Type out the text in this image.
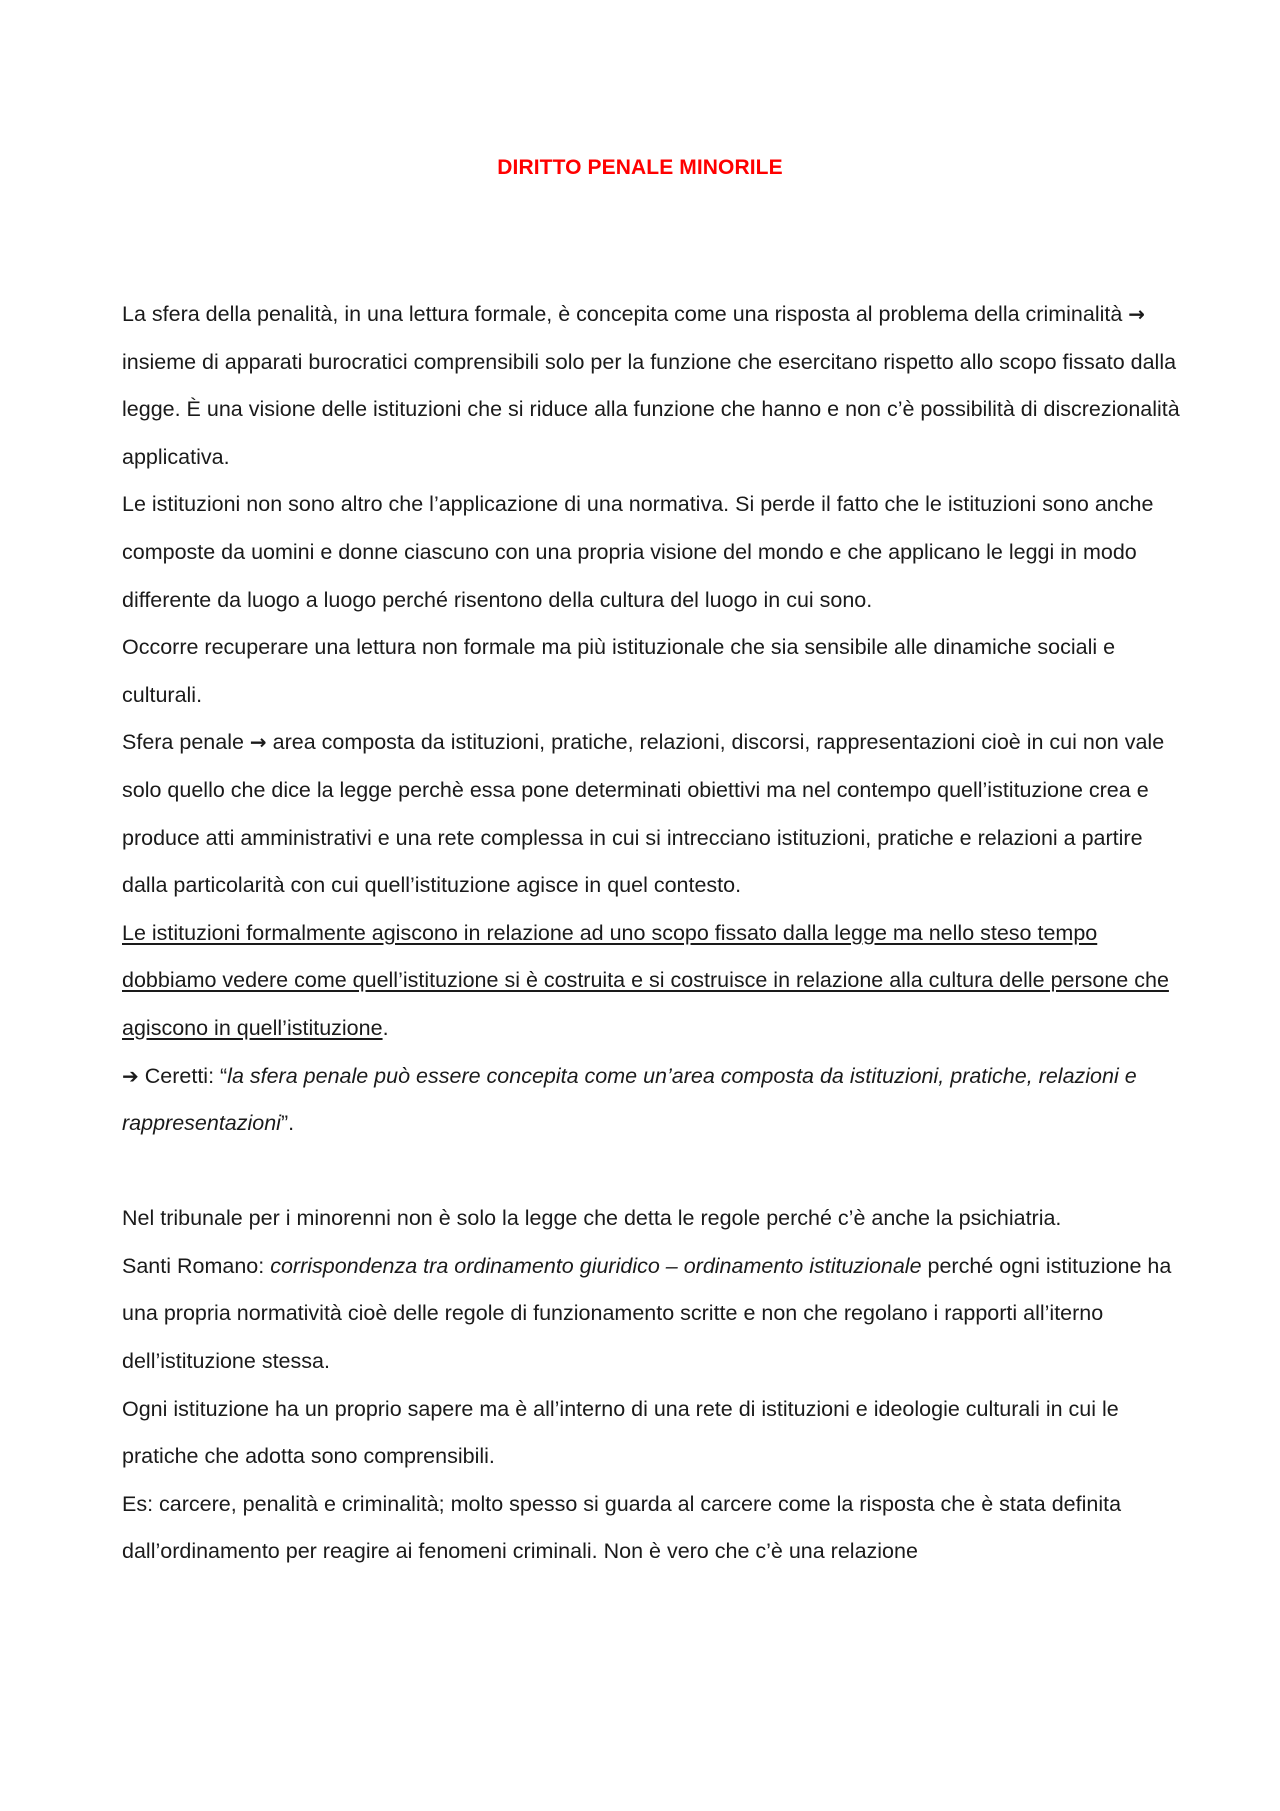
DIRITTO PENALE MINORILE

La sfera della penalità, in una lettura formale, è concepita come una risposta al problema della criminalità → insieme di apparati burocratici comprensibili solo per la funzione che esercitano rispetto allo scopo fissato dalla legge. È una visione delle istituzioni che si riduce alla funzione che hanno e non c’è possibilità di discrezionalità applicativa.

Le istituzioni non sono altro che l’applicazione di una normativa. Si perde il fatto che le istituzioni sono anche composte da uomini e donne ciascuno con una propria visione del mondo e che applicano le leggi in modo differente da luogo a luogo perché risentono della cultura del luogo in cui sono.

Occorre recuperare una lettura non formale ma più istituzionale che sia sensibile alle dinamiche sociali e culturali.

Sfera penale → area composta da istituzioni, pratiche, relazioni, discorsi, rappresentazioni cioè in cui non vale solo quello che dice la legge perchè essa pone determinati obiettivi ma nel contempo quell’istituzione crea e produce atti amministrativi e una rete complessa in cui si intrecciano istituzioni, pratiche e relazioni a partire dalla particolarità con cui quell’istituzione agisce in quel contesto.

Le istituzioni formalmente agiscono in relazione ad uno scopo fissato dalla legge ma nello steso tempo dobbiamo vedere come quell’istituzione si è costruita e si costruisce in relazione alla cultura delle persone che agiscono in quell’istituzione.

➔ Ceretti: “la sfera penale può essere concepita come un’area composta da istituzioni, pratiche, relazioni e rappresentazioni”.

Nel tribunale per i minorenni non è solo la legge che detta le regole perché c’è anche la psichiatria.

Santi Romano: corrispondenza tra ordinamento giuridico – ordinamento istituzionale perché ogni istituzione ha una propria normatività cioè delle regole di funzionamento scritte e non che regolano i rapporti all’iterno dell’istituzione stessa.

Ogni istituzione ha un proprio sapere ma è all’interno di una rete di istituzioni e ideologie culturali in cui le pratiche che adotta sono comprensibili.

Es: carcere, penalità e criminalità; molto spesso si guarda al carcere come la risposta che è stata definita dall’ordinamento per reagire ai fenomeni criminali. Non è vero che c’è una relazione
